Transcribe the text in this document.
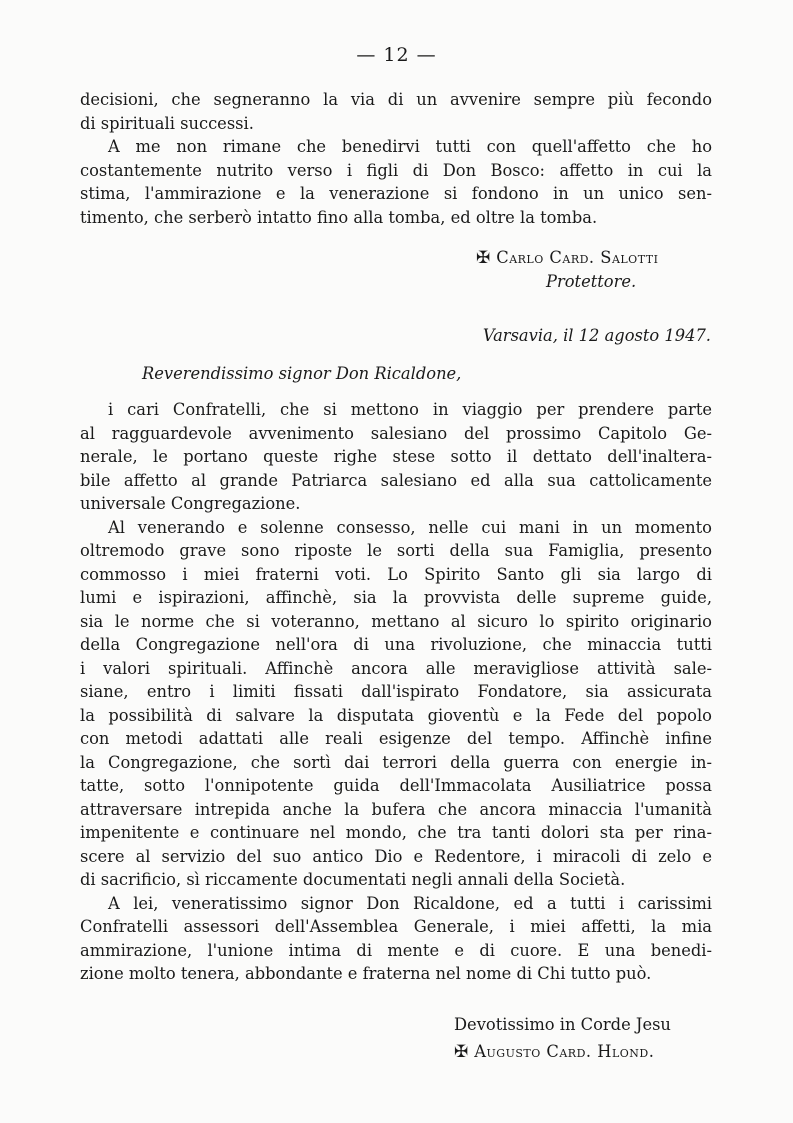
— 12 —
decisioni, che segneranno la via di un avvenire sempre più fecondo
di spirituali successi.
A me non rimane che benedirvi tutti con quell'affetto che ho
costantemente nutrito verso i figli di Don Bosco: affetto in cui la
stima, l'ammirazione e la venerazione si fondono in un unico sen-
timento, che serberò intatto fino alla tomba, ed oltre la tomba.
✠ Carlo Card. Salotti
Protettore.
Varsavia, il 12 agosto 1947.
Reverendissimo signor Don Ricaldone,
i cari Confratelli, che si mettono in viaggio per prendere parte
al ragguardevole avvenimento salesiano del prossimo Capitolo Ge-
nerale, le portano queste righe stese sotto il dettato dell'inaltera-
bile affetto al grande Patriarca salesiano ed alla sua cattolicamente
universale Congregazione.
Al venerando e solenne consesso, nelle cui mani in un momento
oltremodo grave sono riposte le sorti della sua Famiglia, presento
commosso i miei fraterni voti. Lo Spirito Santo gli sia largo di
lumi e ispirazioni, affinchè, sia la provvista delle supreme guide,
sia le norme che si voteranno, mettano al sicuro lo spirito originario
della Congregazione nell'ora di una rivoluzione, che minaccia tutti
i valori spirituali. Affinchè ancora alle meravigliose attività sale-
siane, entro i limiti fissati dall'ispirato Fondatore, sia assicurata
la possibilità di salvare la disputata gioventù e la Fede del popolo
con metodi adattati alle reali esigenze del tempo. Affinchè infine
la Congregazione, che sortì dai terrori della guerra con energie in-
tatte, sotto l'onnipotente guida dell'Immacolata Ausiliatrice possa
attraversare intrepida anche la bufera che ancora minaccia l'umanità
impenitente e continuare nel mondo, che tra tanti dolori sta per rina-
scere al servizio del suo antico Dio e Redentore, i miracoli di zelo e
di sacrificio, sì riccamente documentati negli annali della Società.
A lei, veneratissimo signor Don Ricaldone, ed a tutti i carissimi
Confratelli assessori dell'Assemblea Generale, i miei affetti, la mia
ammirazione, l'unione intima di mente e di cuore. E una benedi-
zione molto tenera, abbondante e fraterna nel nome di Chi tutto può.
Devotissimo in Corde Jesu
✠ Augusto Card. Hlond.
